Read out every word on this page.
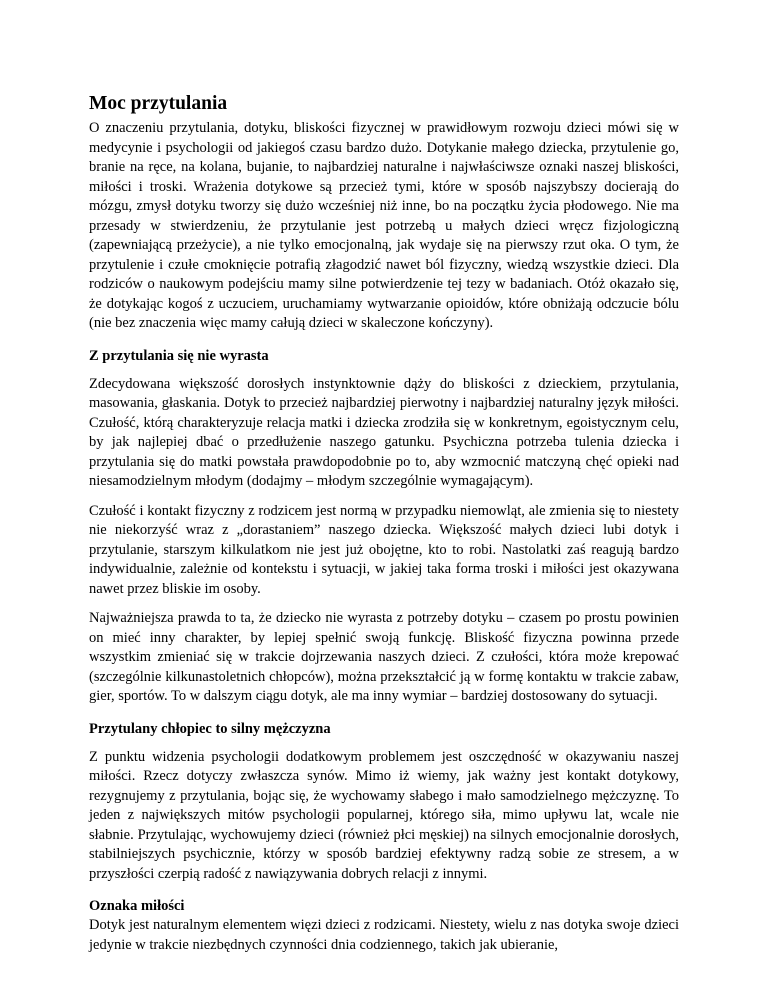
Moc przytulania

O znaczeniu przytulania, dotyku, bliskości fizycznej w prawidłowym rozwoju dzieci mówi się w medycynie i psychologii od jakiegoś czasu bardzo dużo. Dotykanie małego dziecka, przytulenie go, branie na ręce, na kolana, bujanie, to najbardziej naturalne i najwłaściwsze oznaki naszej bliskości, miłości i troski. Wrażenia dotykowe są przecież tymi, które w sposób najszybszy docierają do mózgu, zmysł dotyku tworzy się dużo wcześniej niż inne, bo na początku życia płodowego. Nie ma przesady w stwierdzeniu, że przytulanie jest potrzebą u małych dzieci wręcz fizjologiczną (zapewniającą przeżycie), a nie tylko emocjonalną, jak wydaje się na pierwszy rzut oka. O tym, że przytulenie i czułe cmoknięcie potrafią złagodzić nawet ból fizyczny, wiedzą wszystkie dzieci. Dla rodziców o naukowym podejściu mamy silne potwierdzenie tej tezy w badaniach. Otóż okazało się, że dotykając kogoś z uczuciem, uruchamiamy wytwarzanie opioidów, które obniżają odczucie bólu (nie bez znaczenia więc mamy całują dzieci w skaleczone kończyny).

Z przytulania się nie wyrasta

Zdecydowana większość dorosłych instynktownie dąży do bliskości z dzieckiem, przytulania, masowania, głaskania. Dotyk to przecież najbardziej pierwotny i najbardziej naturalny język miłości. Czułość, którą charakteryzuje relacja matki i dziecka zrodziła się w konkretnym, egoistycznym celu, by jak najlepiej dbać o przedłużenie naszego gatunku. Psychiczna potrzeba tulenia dziecka i przytulania się do matki powstała prawdopodobnie po to, aby wzmocnić matczyną chęć opieki nad niesamodzielnym młodym (dodajmy – młodym szczególnie wymagającym).

Czułość i kontakt fizyczny z rodzicem jest normą w przypadku niemowląt, ale zmienia się to niestety nie niekorzyść wraz z „dorastaniem” naszego dziecka. Większość małych dzieci lubi dotyk i przytulanie, starszym kilkulatkom nie jest już obojętne, kto to robi. Nastolatki zaś reagują bardzo indywidualnie, zależnie od kontekstu i sytuacji, w jakiej taka forma troski i miłości jest okazywana nawet przez bliskie im osoby.

Najważniejsza prawda to ta, że dziecko nie wyrasta z potrzeby dotyku – czasem po prostu powinien on mieć inny charakter, by lepiej spełnić swoją funkcję. Bliskość fizyczna powinna przede wszystkim zmieniać się w trakcie dojrzewania naszych dzieci. Z czułości, która może krepować (szczególnie kilkunastoletnich chłopców), można przekształcić ją w formę kontaktu w trakcie zabaw, gier, sportów. To w dalszym ciągu dotyk, ale ma inny wymiar – bardziej dostosowany do sytuacji.

Przytulany chłopiec to silny mężczyzna

Z punktu widzenia psychologii dodatkowym problemem jest oszczędność w okazywaniu naszej miłości. Rzecz dotyczy zwłaszcza synów. Mimo iż wiemy, jak ważny jest kontakt dotykowy, rezygnujemy z przytulania, bojąc się, że wychowamy słabego i mało samodzielnego mężczyznę. To jeden z największych mitów psychologii popularnej, którego siła, mimo upływu lat, wcale nie słabnie. Przytulając, wychowujemy dzieci (również płci męskiej) na silnych emocjonalnie dorosłych, stabilniejszych psychicznie, którzy w sposób bardziej efektywny radzą sobie ze stresem, a w przyszłości czerpią radość z nawiązywania dobrych relacji z innymi.

Oznaka miłości

Dotyk jest naturalnym elementem więzi dzieci z rodzicami. Niestety, wielu z nas dotyka swoje dzieci jedynie w trakcie niezbędnych czynności dnia codziennego, takich jak ubieranie,
